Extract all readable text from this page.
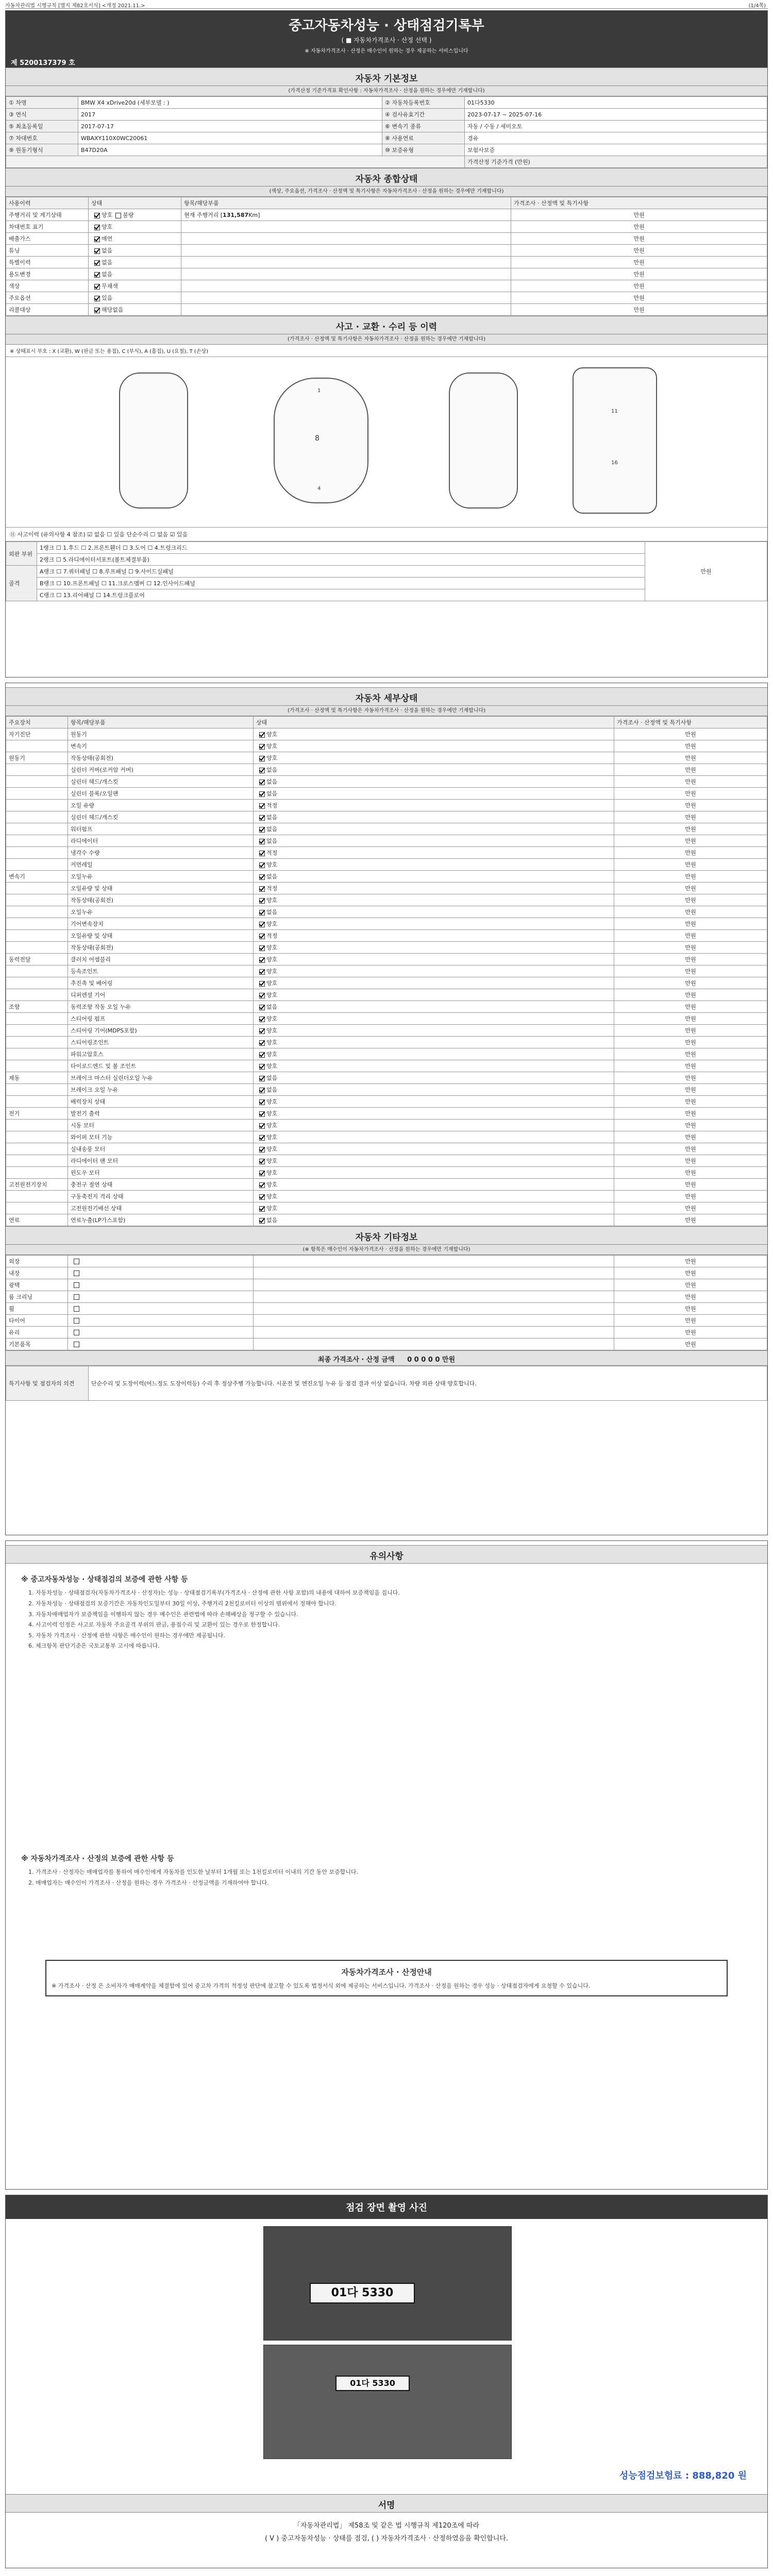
자동차관리법 시행규칙 [별지 제82호서식] <개정 2021.11.>	(1/4쪽)
중고자동차성능 · 상태점검기록부
( ■ 자동차가격조사 · 산정 선택 )
※ 자동차가격조사 · 산정은 매수인이 원하는 경우 제공하는 서비스입니다
제 5200137379 호
자동차 기본정보
(가격산정 기준가격표 확인사항 : 자동차가격조사 · 산정을 원하는 경우에만 기재합니다)
① 차명	BMW X4 xDrive20d (세부모델 : )	② 자동차등록번호	01다5330
③ 연식	2017	④ 검사유효기간	2023-07-17 ~ 2025-07-16
⑤ 최초등록일	2017-07-17	⑥ 변속기 종류	자동 / 수동 / 세미오토
⑦ 차대번호	WBAXY110X0WC20061	⑧ 사용연료	경유
⑨ 원동기형식	B47D20A	⑩ 보증유형	보험사보증
			가격산정 기준가격 (만원)
자동차 종합상태
(색상, 주요옵션, 가격조사 · 산정액 및 특기사항은 자동차가격조사 · 산정을 원하는 경우에만 기재합니다)
사용이력	상태	항목/해당부품	가격조사 · 산정액 및 특기사항
주행거리 및 계기상태	양호 불량	현재 주행거리 [131,587Km]	만원
차대번호 표기	양호		만원
배출가스	매연		만원
튜닝	없음		만원
특별이력	없음		만원
용도변경	없음		만원
색상	무채색		만원
주요옵션	있음		만원
리콜대상	해당없음		만원
사고 · 교환 · 수리 등 이력
(가격조사 · 산정액 및 특기사항은 자동차가격조사 · 산정을 원하는 경우에만 기재합니다)
※ 상태표시 부호 : X (교환), W (판금 또는 용접), C (부식), A (흠집), U (요철), T (손상)
8
1
4
11
16
⑪ 사고이력 (유의사항 4 참조) ☑ 없음 ☐ 있음 단순수리 ☐ 없음 ☑ 있음
외판 부위	1랭크 ☐ 1.후드 ☐ 2.프론트휀더 ☐ 3.도어 ☐ 4.트렁크리드	만원
	2랭크 ☐ 5.라디에이터서포트(볼트체결부품)	
골격	A랭크 ☐ 7.쿼터패널 ☐ 8.루프패널 ☐ 9.사이드실패널	
	B랭크 ☐ 10.프론트패널 ☐ 11.크로스멤버 ☐ 12.인사이드패널	
	C랭크 ☐ 13.리어패널 ☐ 14.트렁크플로어	
자동차 세부상태
(가격조사 · 산정액 및 특기사항은 자동차가격조사 · 산정을 원하는 경우에만 기재합니다)
주요장치	항목/해당부품	상태	가격조사 · 산정액 및 특기사항
자기진단	원동기	양호	만원
	변속기	양호	만원
원동기	작동상태(공회전)	양호	만원
	실린더 커버(로커암 커버)	없음	만원
	실린더 헤드/개스킷	없음	만원
	실린더 블록/오일팬	없음	만원
	오일 유량	적정	만원
	실린더 헤드/개스킷	없음	만원
	워터펌프	없음	만원
	라디에이터	없음	만원
	냉각수 수량	적정	만원
	커먼레일	양호	만원
변속기	오일누유	없음	만원
	오일유량 및 상태	적정	만원
	작동상태(공회전)	양호	만원
	오일누유	없음	만원
	기어변속장치	양호	만원
	오일유량 및 상태	적정	만원
	작동상태(공회전)	양호	만원
동력전달	클러치 어셈블리	양호	만원
	등속조인트	양호	만원
	추진축 및 베어링	양호	만원
	디퍼렌셜 기어	양호	만원
조향	동력조향 작동 오일 누유	없음	만원
	스티어링 펌프	양호	만원
	스티어링 기어(MDPS포함)	양호	만원
	스티어링조인트	양호	만원
	파워고압호스	양호	만원
	타이로드엔드 및 볼 조인트	양호	만원
제동	브레이크 마스터 실린더오일 누유	없음	만원
	브레이크 오일 누유	없음	만원
	배력장치 상태	양호	만원
전기	발전기 출력	양호	만원
	시동 모터	양호	만원
	와이퍼 모터 기능	양호	만원
	실내송풍 모터	양호	만원
	라디에이터 팬 모터	양호	만원
	윈도우 모터	양호	만원
고전원전기장치	충전구 절연 상태	양호	만원
	구동축전지 격리 상태	양호	만원
	고전원전기배선 상태	양호	만원
연료	연료누출(LP가스포함)	없음	만원
자동차 기타정보
(※ 항목은 매수인이 자동차가격조사 · 산정을 원하는 경우에만 기재합니다)
외장			만원
내장			만원
광택			만원
룸 크리닝			만원
휠			만원
타이어			만원
유리			만원
기본품목			만원
최종 가격조사 · 산정 금액 0 0 0 0 0 만원
특기사항 및 점검자의 의견	단순수리 및 도장이력(어느정도 도장이력등) 수리 후 정상주행 가능합니다. 시운전 및 엔진오일 누유 등 점검 결과 이상 없습니다. 차량 외관 상태 양호합니다.
유의사항
※ 중고자동차성능 · 상태점검의 보증에 관한 사항 등

1. 자동차성능 · 상태점검자(자동차가격조사 · 산정자)는 성능 · 상태점검기록부(가격조사 · 산정에 관한 사항 포함)의 내용에 대하여 보증책임을 집니다.

2. 자동차성능 · 상태점검의 보증기간은 자동차인도일부터 30일 이상, 주행거리 2천킬로미터 이상의 범위에서 정해야 합니다.

3. 자동차매매업자가 보증책임을 이행하지 않는 경우 매수인은 관련법에 따라 손해배상을 청구할 수 있습니다.

4. 사고이력 인정은 사고로 자동차 주요골격 부위의 판금, 용접수리 및 교환이 있는 경우로 한정합니다.

5. 자동차 가격조사 · 산정에 관한 사항은 매수인이 원하는 경우에만 제공됩니다.

6. 체크항목 판단기준은 국토교통부 고시에 따릅니다.

※ 자동차가격조사 · 산정의 보증에 관한 사항 등

1. 가격조사 · 산정자는 매매업자를 통하여 매수인에게 자동차를 인도한 날부터 1개월 또는 1천킬로미터 이내의 기간 동안 보증합니다.

2. 매매업자는 매수인이 가격조사 · 산정을 원하는 경우 가격조사 · 산정금액을 기재하여야 합니다.

자동차가격조사 · 산정안내
※ 가격조사 · 산정 은 소비자가 매매계약을 체결함에 있어 중고차 가격의 적정성 판단에 참고할 수 있도록 법정서식 외에 제공하는 서비스입니다. 가격조사 · 산정을 원하는 경우 성능 · 상태점검자에게 요청할 수 있습니다.
점검 장면 촬영 사진
01다 5330
01다 5330
성능점검보험료 : 888,820 원
서명
「자동차관리법」 제58조 및 같은 법 시행규칙 제120조에 따라
( V ) 중고자동차성능 · 상태를 점검, ( ) 자동차가격조사 · 산정하였음을 확인합니다.
